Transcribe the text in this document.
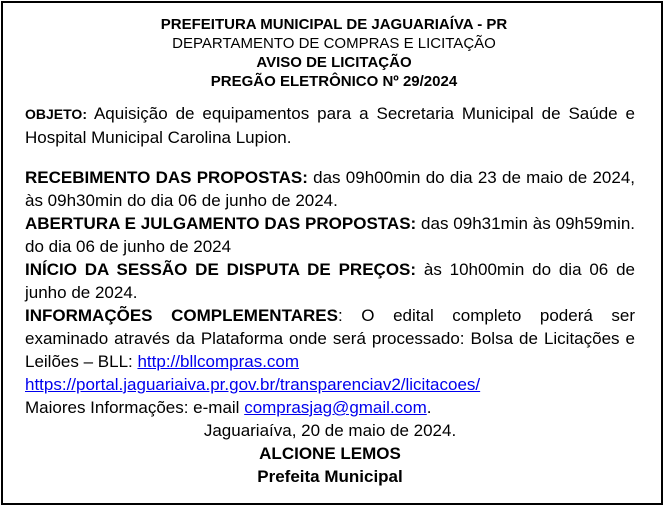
PREFEITURA MUNICIPAL DE JAGUARIAÍVA - PR
DEPARTAMENTO DE COMPRAS E LICITAÇÃO
AVISO DE LICITAÇÃO
PREGÃO ELETRÔNICO Nº 29/2024
OBJETO: Aquisição de equipamentos para a Secretaria Municipal de Saúde e Hospital Municipal Carolina Lupion.
RECEBIMENTO DAS PROPOSTAS: das 09h00min do dia 23 de maio de 2024, às 09h30min do dia 06 de junho de 2024.
ABERTURA E JULGAMENTO DAS PROPOSTAS: das 09h31min às 09h59min. do dia 06 de junho de 2024
INÍCIO DA SESSÃO DE DISPUTA DE PREÇOS: às 10h00min do dia 06 de junho de 2024.
INFORMAÇÕES COMPLEMENTARES: O edital completo poderá ser examinado através da Plataforma onde será processado: Bolsa de Licitações e Leilões – BLL: http://bllcompras.com
https://portal.jaguariaiva.pr.gov.br/transparenciav2/licitacoes/
Maiores Informações: e-mail comprasjag@gmail.com.
Jaguariaíva, 20 de maio de 2024.
ALCIONE LEMOS
Prefeita Municipal
